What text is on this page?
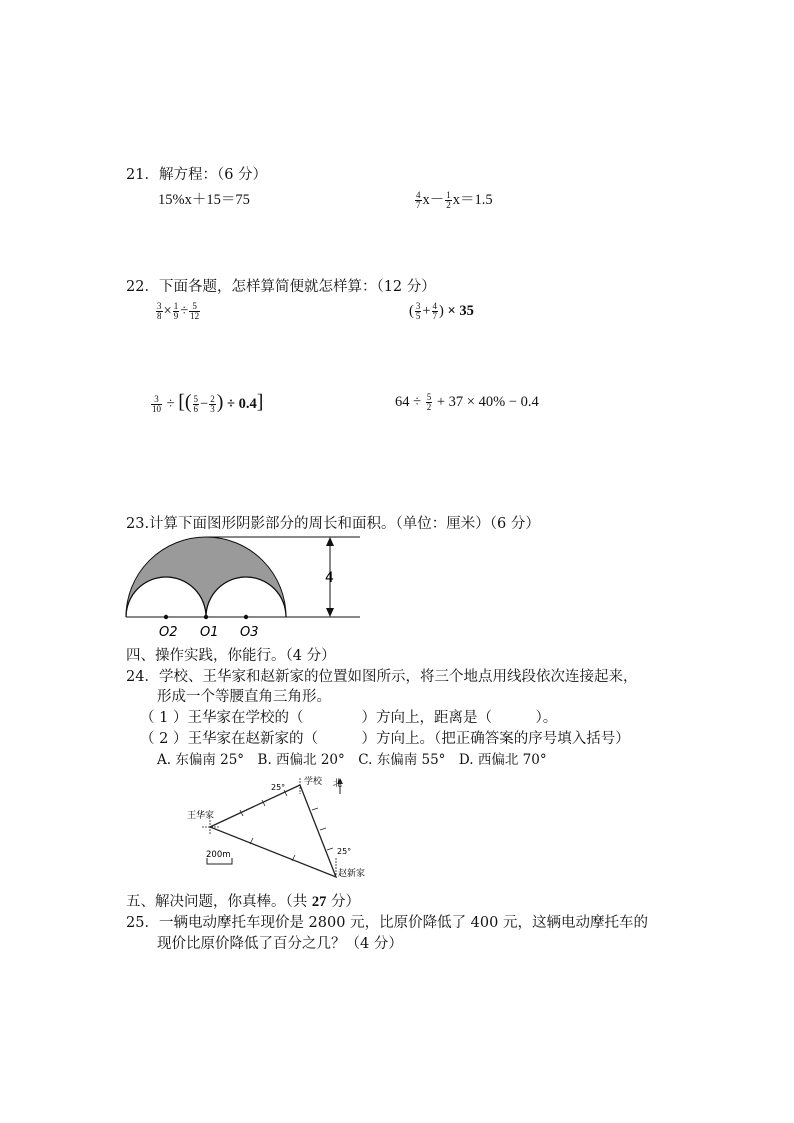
21．解方程：（6 分）
15%x＋15＝75	$\frac{4}{7} x- \frac{1}{2} x=1.5$
22．下面各题，怎样算简便就怎样算：（12 分）
$\frac{3}{8} \times \frac{1}{9} \div \frac{5}{12}$	( $\frac{3}{5} + \frac{4}{7}$ ) × 35
$\frac{3}{10}$ ÷ [( $\frac{5}{6} - \frac{2}{3}$ ) ÷ 0.4]	$64 \div \frac{5}{2} + 37 \times 40\% - 0.4$
23.计算下面图形阴影部分的周长和面积。（单位：厘米）（6 分）
4
O2 O1 O3
四、操作实践，你能行。（4 分）
24．学校、王华家和赵新家的位置如图所示，将三个地点用线段依次连接起来，
形成一个等腰直角三角形。
（ 1 ）王华家在学校的（　　　　）方向上，距离是（　　　）。
（ 2 ）王华家在赵新家的（　　　）方向上。（把正确答案的序号填入括号）
A. 东偏南 25°　B. 西偏北 20°　C. 东偏南 55°　D. 西偏北 70°
北
学校
王华家
赵新家
25°
25°
200m
五、解决问题，你真棒。（共 27 分）
25．一辆电动摩托车现价是 2800 元，比原价降低了 400 元，这辆电动摩托车的
现价比原价降低了百分之几？（4 分）
